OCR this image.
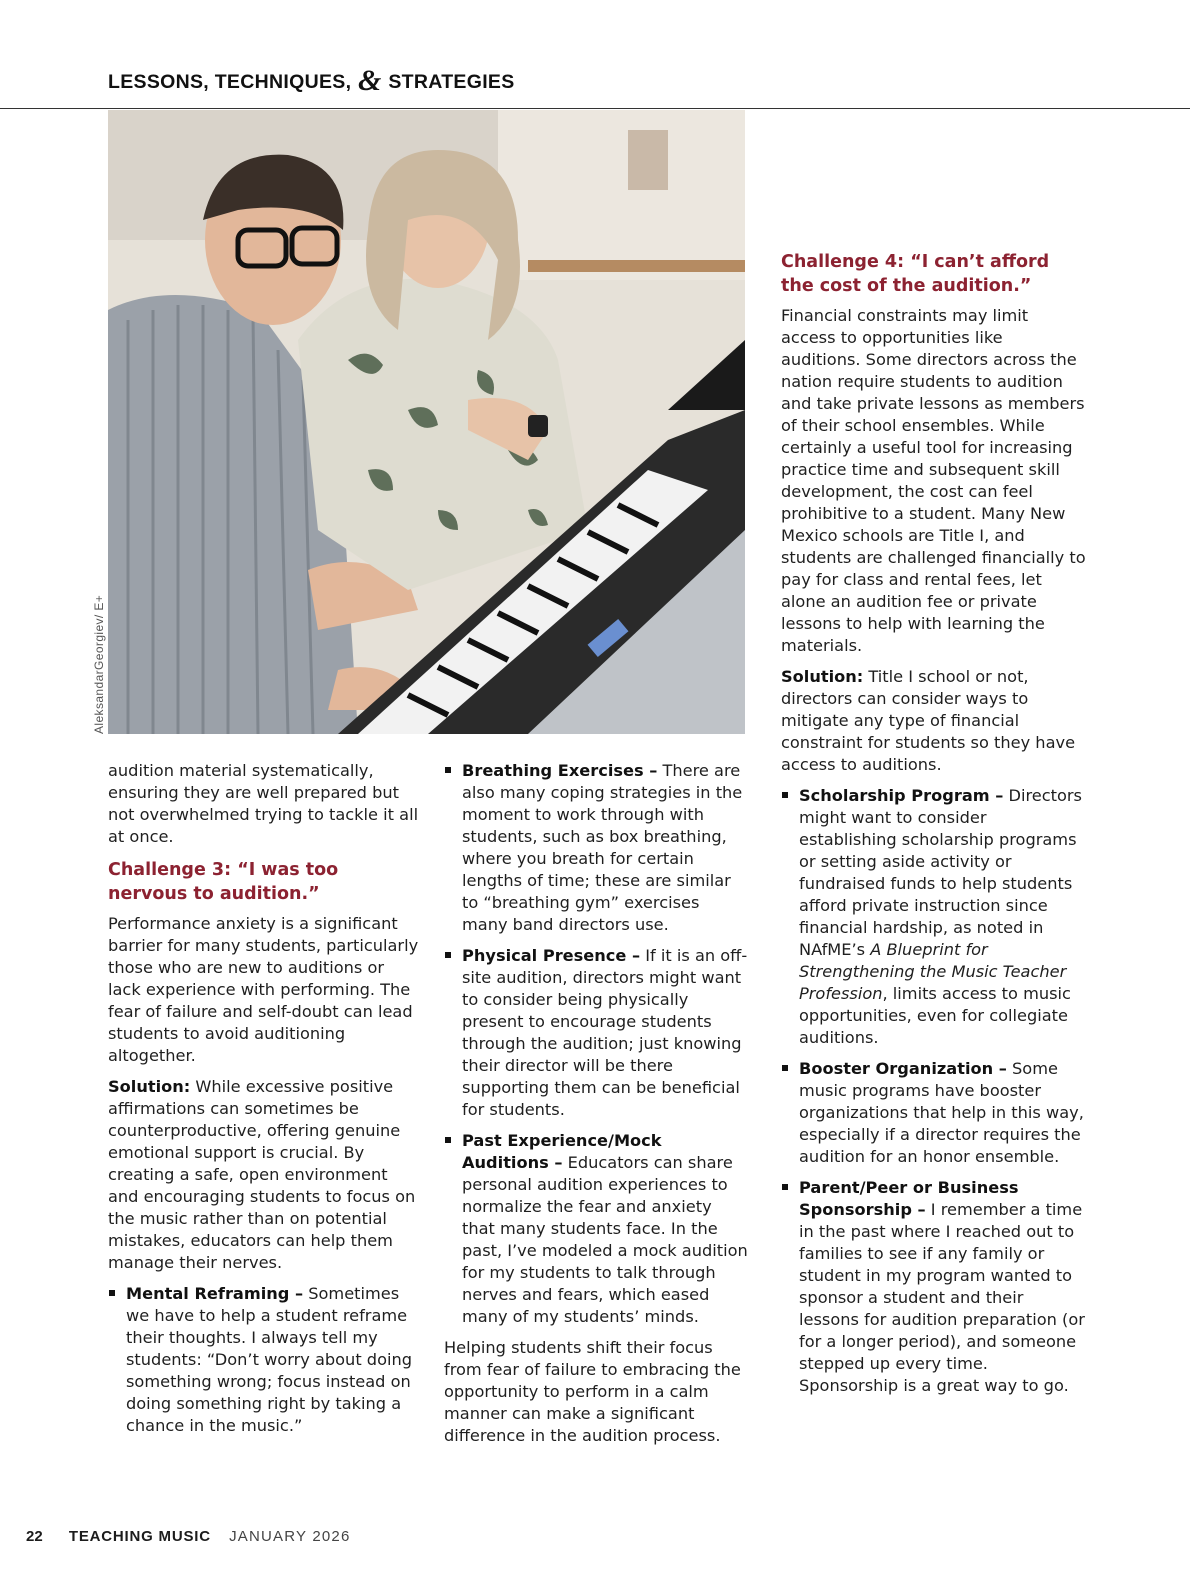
LESSONS, TECHNIQUES, & STRATEGIES
AleksandarGeorgiev/ E+

audition material systematically, ensuring they are well prepared but not overwhelmed trying to tackle it all at once.

Challenge 3: “I was too nervous to audition.”

Performance anxiety is a significant barrier for many students, particularly those who are new to auditions or lack experience with performing. The fear of failure and self-doubt can lead students to avoid auditioning altogether.

Solution: While excessive positive affirmations can sometimes be counterproductive, offering genuine emotional support is crucial. By creating a safe, open environment and encouraging students to focus on the music rather than on potential mistakes, educators can help them manage their nerves.

Mental Reframing – Sometimes we have to help a student reframe their thoughts. I always tell my students: “Don’t worry about doing something wrong; focus instead on doing something right by taking a chance in the music.”
Breathing Exercises – There are also many coping strategies in the moment to work through with students, such as box breathing, where you breath for certain lengths of time; these are similar to “breathing gym” exercises many band directors use.
Physical Presence – If it is an off-site audition, directors might want to consider being physically present to encourage students through the audition; just knowing their director will be there supporting them can be beneficial for students.
Past Experience/Mock Auditions – Educators can share personal audition experiences to normalize the fear and anxiety that many students face. In the past, I’ve modeled a mock audition for my students to talk through nerves and fears, which eased many of my students’ minds.

Helping students shift their focus from fear of failure to embracing the opportunity to perform in a calm manner can make a significant difference in the audition process.

Challenge 4: “I can’t afford the cost of the audition.”

Financial constraints may limit access to opportunities like auditions. Some directors across the nation require students to audition and take private lessons as members of their school ensembles. While certainly a useful tool for increasing practice time and subsequent skill development, the cost can feel prohibitive to a student. Many New Mexico schools are Title I, and students are challenged financially to pay for class and rental fees, let alone an audition fee or private lessons to help with learning the materials.

Solution: Title I school or not, directors can consider ways to mitigate any type of financial constraint for students so they have access to auditions.

Scholarship Program – Directors might want to consider establishing scholarship programs or setting aside activity or fundraised funds to help students afford private instruction since financial hardship, as noted in NAfME’s A Blueprint for Strengthening the Music Teacher Profession, limits access to music opportunities, even for collegiate auditions.
Booster Organization – Some music programs have booster organizations that help in this way, especially if a director requires the audition for an honor ensemble.
Parent/Peer or Business Sponsorship – I remember a time in the past where I reached out to families to see if any family or student in my program wanted to sponsor a student and their lessons for audition preparation (or for a longer period), and someone stepped up every time. Sponsorship is a great way to go.
22 TEACHING MUSIC JANUARY 2026
